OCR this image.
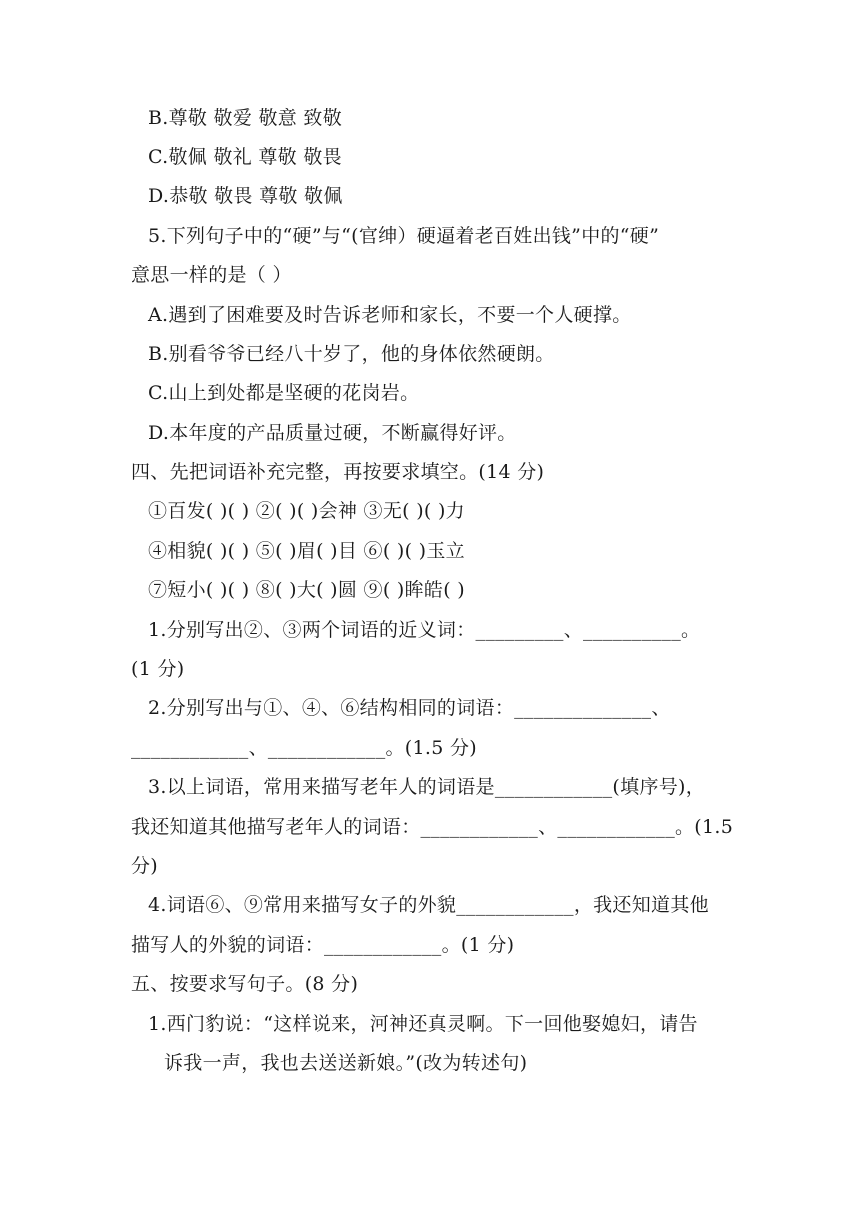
B.尊敬 敬爱 敬意 致敬
C.敬佩 敬礼 尊敬 敬畏
D.恭敬 敬畏 尊敬 敬佩
5.下列句子中的“硬”与“(官绅）硬逼着老百姓出钱”中的“硬”
意思一样的是（ ）
A.遇到了困难要及时告诉老师和家长，不要一个人硬撑。
B.别看爷爷已经八十岁了，他的身体依然硬朗。
C.山上到处都是坚硬的花岗岩。
D.本年度的产品质量过硬，不断赢得好评。
四、先把词语补充完整，再按要求填空。(14 分)
①百发( )( ) ②( )( )会神 ③无( )( )力
④相貌( )( ) ⑤( )眉( )目 ⑥( )( )玉立
⑦短小( )( ) ⑧( )大( )圆 ⑨( )眸皓( )
1.分别写出②、③两个词语的近义词：_________、__________。
(1 分)
2.分别写出与①、④、⑥结构相同的词语：______________、
____________、____________。(1.5 分)
3.以上词语，常用来描写老年人的词语是____________(填序号)，
我还知道其他描写老年人的词语：____________、____________。(1.5
分)
4.词语⑥、⑨常用来描写女子的外貌____________，我还知道其他
描写人的外貌的词语：____________。(1 分)
五、按要求写句子。(8 分)
1.西门豹说：“这样说来，河神还真灵啊。下一回他娶媳妇，请告
诉我一声，我也去送送新娘。”(改为转述句)
